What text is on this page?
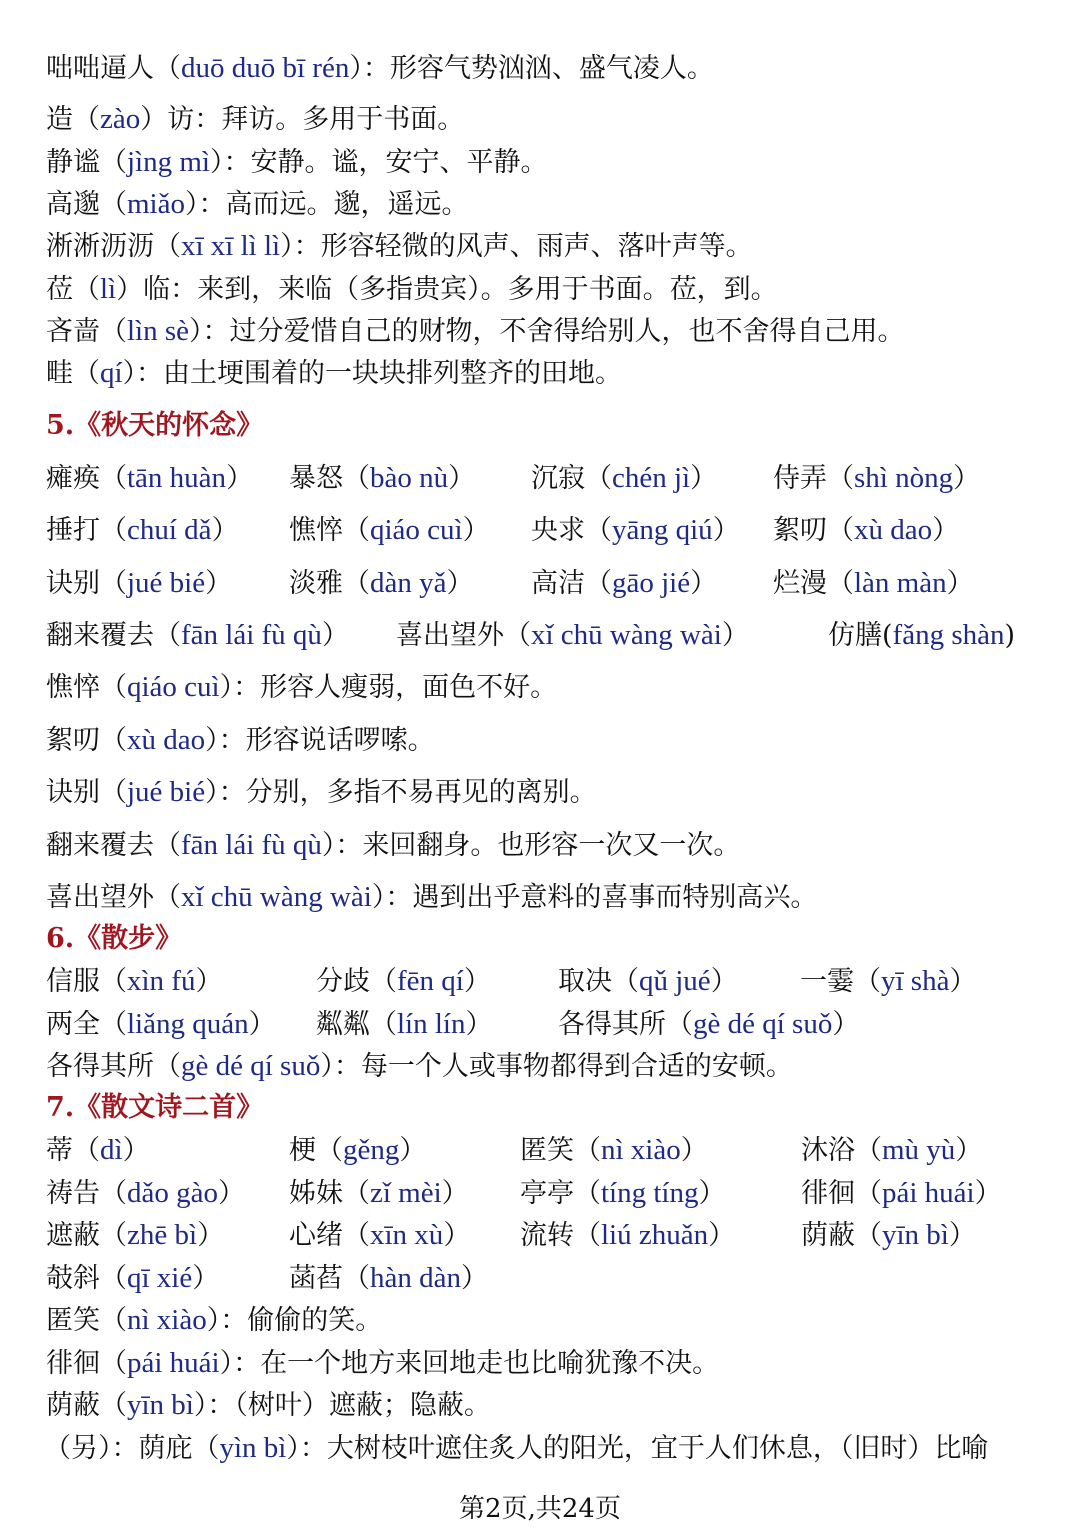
咄咄逼人（duō duō bī rén）：形容气势汹汹、盛气凌人。
造（zào）访：拜访。多用于书面。
静谧（jìng mì）：安静。谧，安宁、平静。
高邈（miǎo）：高而远。邈，遥远。
淅淅沥沥（xī xī lì lì）：形容轻微的风声、雨声、落叶声等。
莅（lì）临：来到，来临（多指贵宾）。多用于书面。莅，到。
吝啬（lìn sè）：过分爱惜自己的财物，不舍得给别人，也不舍得自己用。
畦（qí）：由土埂围着的一块块排列整齐的田地。
5.《秋天的怀念》
瘫痪（tān huàn） 暴怒（bào nù） 沉寂（chén jì） 侍弄（shì nòng）
捶打（chuí dǎ） 憔悴（qiáo cuì） 央求（yāng qiú） 絮叨（xù dao）
诀别（jué bié） 淡雅（dàn yǎ） 高洁（gāo jié） 烂漫（làn màn）
翻来覆去（fān lái fù qù） 喜出望外（xǐ chū wàng wài）	仿膳(fǎng shàn)
憔悴（qiáo cuì）：形容人瘦弱，面色不好。
絮叨（xù dao）：形容说话啰嗦。
诀别（jué bié）：分别，多指不易再见的离别。
翻来覆去（fān lái fù qù）：来回翻身。也形容一次又一次。
喜出望外（xǐ chū wàng wài）：遇到出乎意料的喜事而特别高兴。
6.《散步》
信服（xìn fú）	分歧（fēn qí） 取决（qǔ jué） 一霎（yī shà）
两全（liǎng quán） 粼粼（lín lín） 各得其所（gè dé qí suǒ）
各得其所（gè dé qí suǒ）：每一个人或事物都得到合适的安顿。
7.《散文诗二首》
蒂（dì）	梗（gěng）	匿笑（nì xiào）	沐浴（mù yù）
祷告（dǎo gào） 姊妹（zǐ mèi） 亭亭（tíng tíng）	徘徊（pái huái）
遮蔽（zhē bì） 心绪（xīn xù） 流转（liú zhuǎn） 荫蔽（yīn bì）
攲斜（qī xié）	菡萏（hàn dàn）
匿笑（nì xiào）：偷偷的笑。
徘徊（pái huái）：在一个地方来回地走也比喻犹豫不决。
荫蔽（yīn bì）：（树叶）遮蔽；隐蔽。
（另）：荫庇（yìn bì）：大树枝叶遮住炙人的阳光，宜于人们休息，（旧时）比喻
第2页,共24页
